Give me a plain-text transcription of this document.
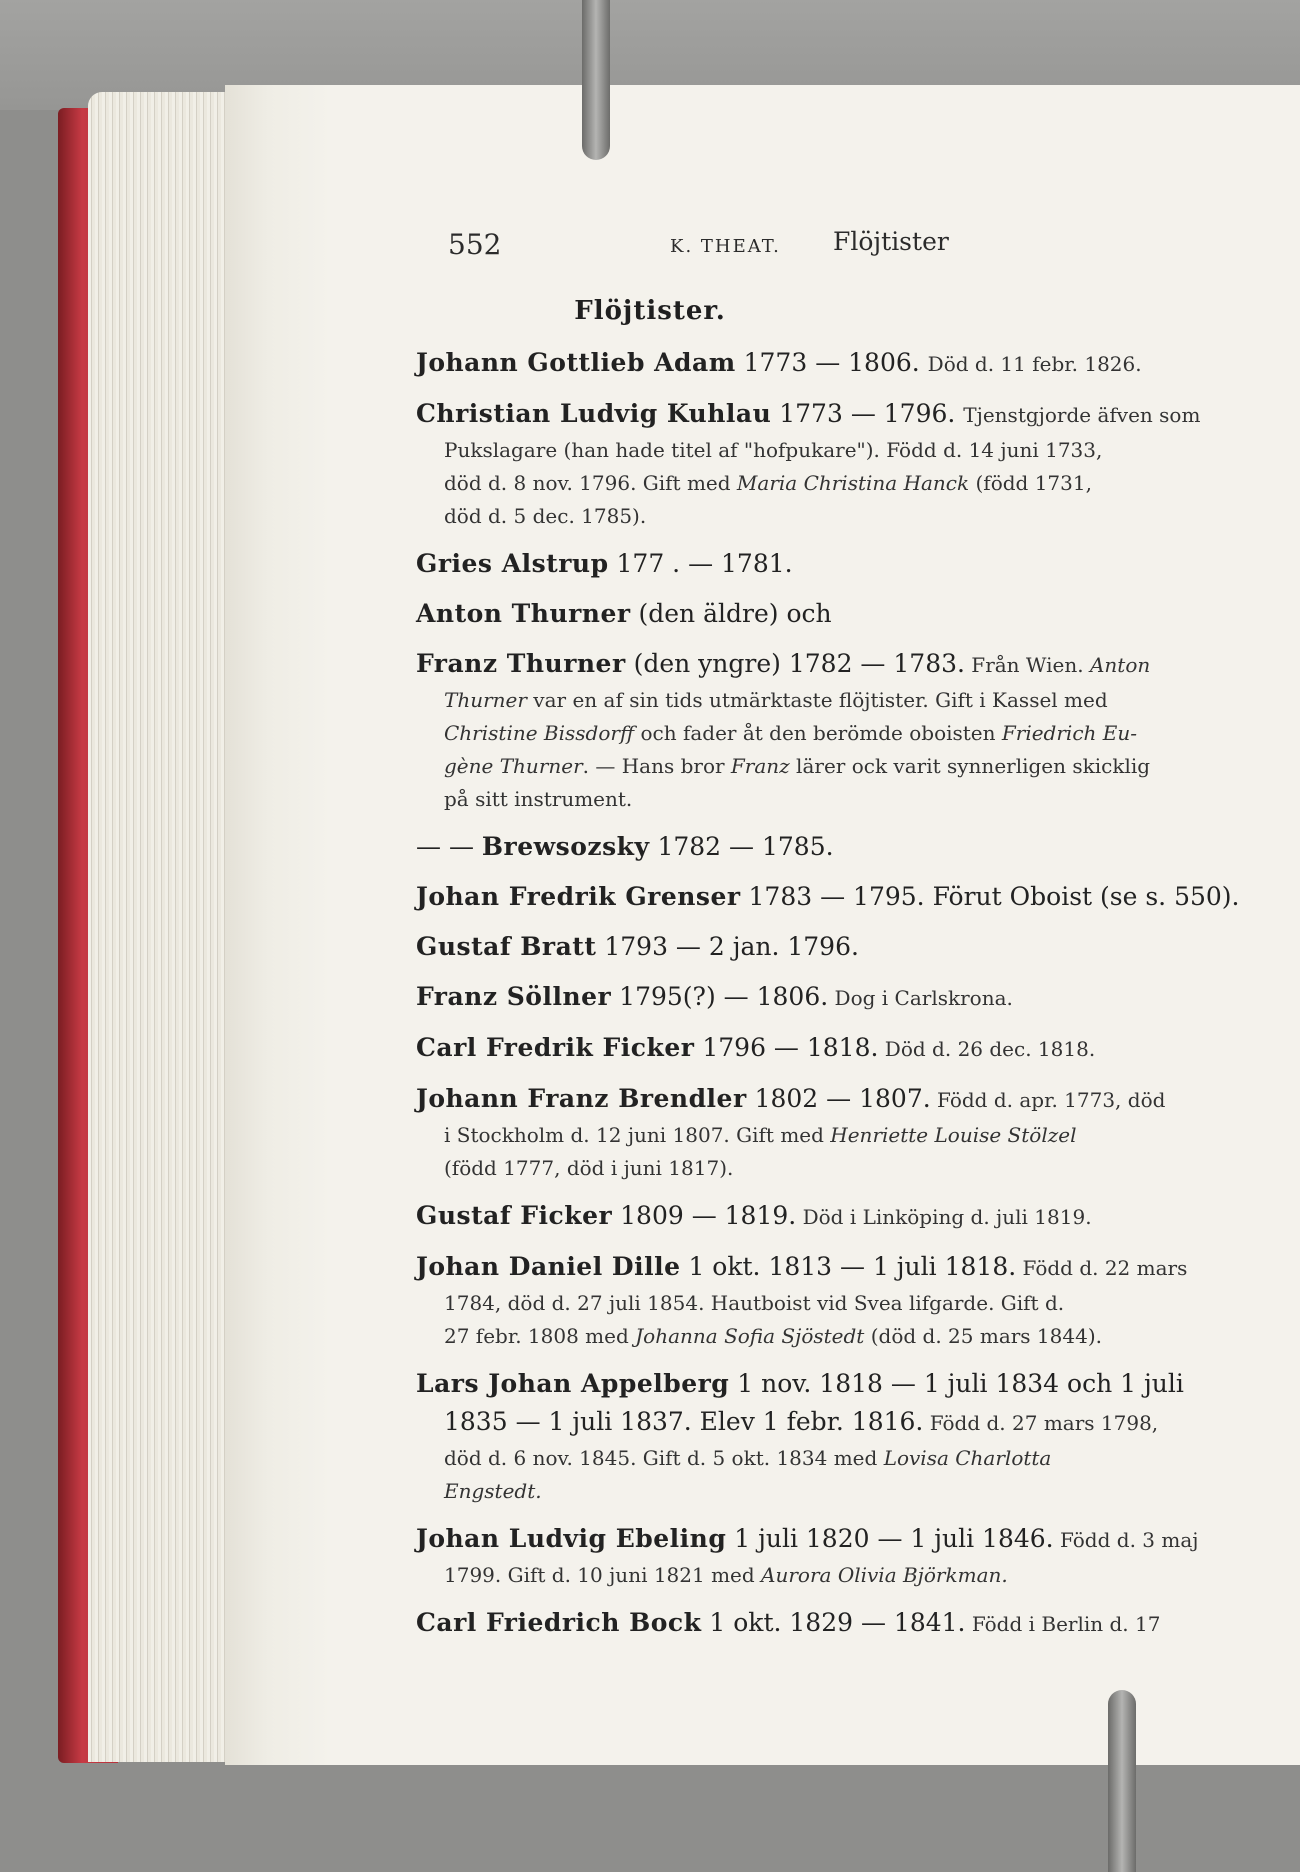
552	K. THEAT. Flöjtister
Flöjtister.
Johann Gottlieb Adam 1773 — 1806. Död d. 11 febr. 1826.
Christian Ludvig Kuhlau 1773 — 1796. Tjenstgjorde äfven som
Pukslagare (han hade titel af "hofpukare"). Född d. 14 juni 1733,
död d. 8 nov. 1796. Gift med Maria Christina Hanck (född 1731,
död d. 5 dec. 1785).
Gries Alstrup 177 . — 1781.
Anton Thurner (den äldre) och
Franz Thurner (den yngre) 1782 — 1783. Från Wien. Anton
Thurner var en af sin tids utmärktaste flöjtister. Gift i Kassel med
Christine Bissdorff och fader åt den berömde oboisten Friedrich Eu-
gène Thurner. — Hans bror Franz lärer ock varit synnerligen skicklig
på sitt instrument.
— — Brewsozsky 1782 — 1785.
Johan Fredrik Grenser 1783 — 1795. Förut Oboist (se s. 550).
Gustaf Bratt 1793 — 2 jan. 1796.
Franz Söllner 1795(?) — 1806. Dog i Carlskrona.
Carl Fredrik Ficker 1796 — 1818. Död d. 26 dec. 1818.
Johann Franz Brendler 1802 — 1807. Född d. apr. 1773, död
i Stockholm d. 12 juni 1807. Gift med Henriette Louise Stölzel
(född 1777, död i juni 1817).
Gustaf Ficker 1809 — 1819. Död i Linköping d. juli 1819.
Johan Daniel Dille 1 okt. 1813 — 1 juli 1818. Född d. 22 mars
1784, död d. 27 juli 1854. Hautboist vid Svea lifgarde. Gift d.
27 febr. 1808 med Johanna Sofia Sjöstedt (död d. 25 mars 1844).
Lars Johan Appelberg 1 nov. 1818 — 1 juli 1834 och 1 juli
1835 — 1 juli 1837. Elev 1 febr. 1816. Född d. 27 mars 1798,
död d. 6 nov. 1845. Gift d. 5 okt. 1834 med Lovisa Charlotta
Engstedt.
Johan Ludvig Ebeling 1 juli 1820 — 1 juli 1846. Född d. 3 maj
1799. Gift d. 10 juni 1821 med Aurora Olivia Björkman.
Carl Friedrich Bock 1 okt. 1829 — 1841. Född i Berlin d. 17
